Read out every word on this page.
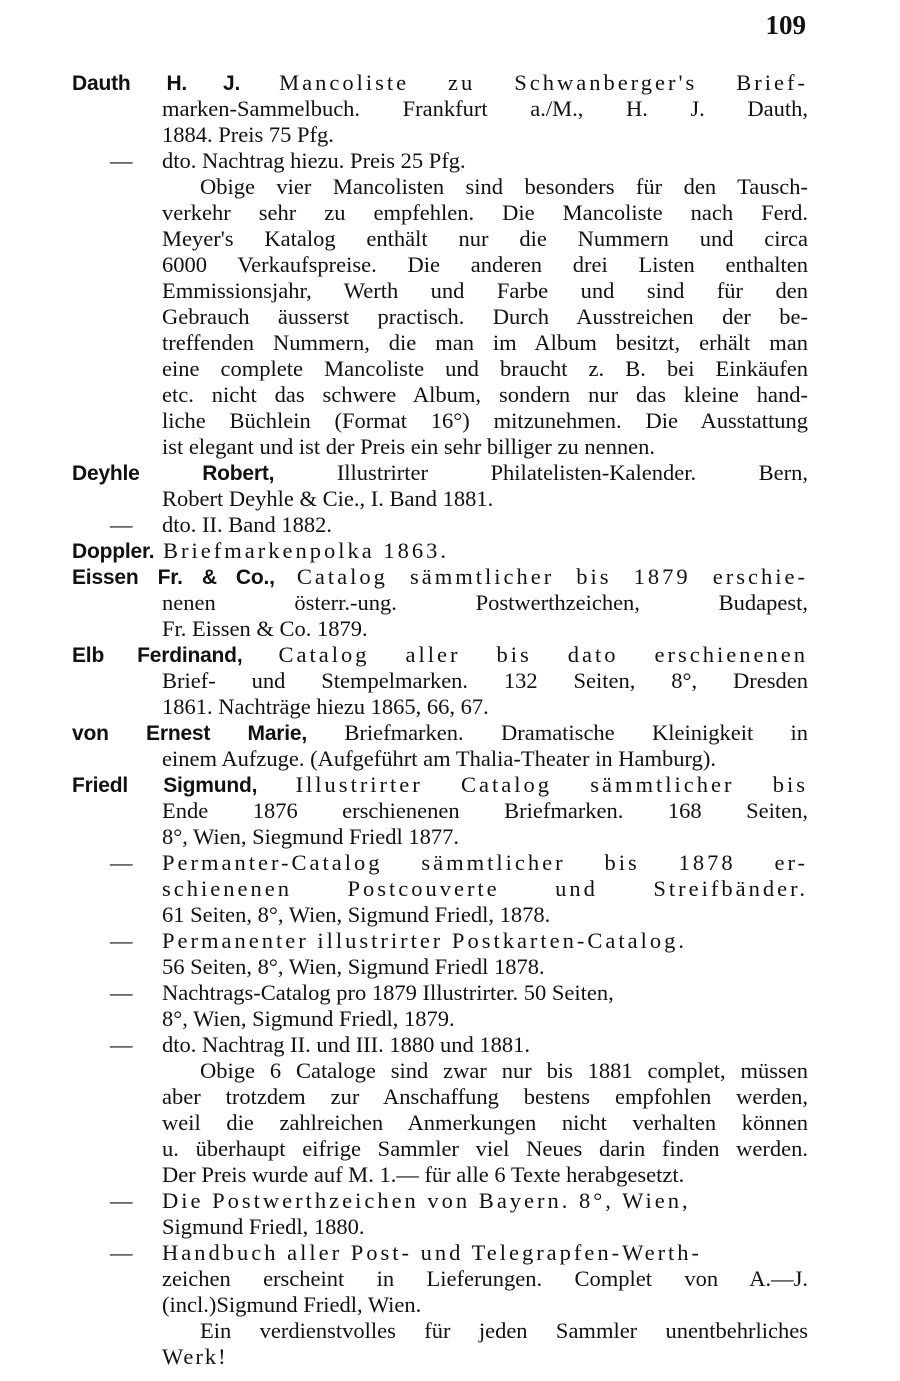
109
Dauth H. J. Mancoliste zu Schwanberger's Brief-
marken-Sammelbuch. Frankfurt a./M., H. J. Dauth,
1884. Preis 75 Pfg.
— dto. Nachtrag hiezu. Preis 25 Pfg.
Obige vier Mancolisten sind besonders für den Tausch-
verkehr sehr zu empfehlen. Die Mancoliste nach Ferd.
Meyer's Katalog enthält nur die Nummern und circa
6000 Verkaufspreise. Die anderen drei Listen enthalten
Emmissionsjahr, Werth und Farbe und sind für den
Gebrauch äusserst practisch. Durch Ausstreichen der be-
treffenden Nummern, die man im Album besitzt, erhält man
eine complete Mancoliste und braucht z. B. bei Einkäufen
etc. nicht das schwere Album, sondern nur das kleine hand-
liche Büchlein (Format 16°) mitzunehmen. Die Ausstattung
ist elegant und ist der Preis ein sehr billiger zu nennen.
Deyhle Robert, Illustrirter Philatelisten-Kalender. Bern,
Robert Deyhle & Cie., I. Band 1881.
— dto. II. Band 1882.
Doppler. Briefmarkenpolka 1863.
Eissen Fr. & Co., Catalog sämmtlicher bis 1879 erschie-
nenen österr.-ung. Postwerthzeichen, Budapest,
Fr. Eissen & Co. 1879.
Elb Ferdinand, Catalog aller bis dato erschienenen
Brief- und Stempelmarken. 132 Seiten, 8°, Dresden
1861. Nachträge hiezu 1865, 66, 67.
von Ernest Marie, Briefmarken. Dramatische Kleinigkeit in
einem Aufzuge. (Aufgeführt am Thalia-Theater in Hamburg).
Friedl Sigmund, Illustrirter Catalog sämmtlicher bis
Ende 1876 erschienenen Briefmarken. 168 Seiten,
8°, Wien, Siegmund Friedl 1877.
— Permanter-Catalog sämmtlicher bis 1878 er-
schienenen Postcouverte und Streifbänder.
61 Seiten, 8°, Wien, Sigmund Friedl, 1878.
— Permanenter illustrirter Postkarten-Catalog.
56 Seiten, 8°, Wien, Sigmund Friedl 1878.
— Nachtrags-Catalog pro 1879 Illustrirter. 50 Seiten,
8°, Wien, Sigmund Friedl, 1879.
— dto. Nachtrag II. und III. 1880 und 1881.
Obige 6 Cataloge sind zwar nur bis 1881 complet, müssen
aber trotzdem zur Anschaffung bestens empfohlen werden,
weil die zahlreichen Anmerkungen nicht verhalten können
u. überhaupt eifrige Sammler viel Neues darin finden werden.
Der Preis wurde auf M. 1.— für alle 6 Texte herabgesetzt.
— Die Postwerthzeichen von Bayern. 8°, Wien,
Sigmund Friedl, 1880.
— Handbuch aller Post- und Telegrapfen-Werth-
zeichen erscheint in Lieferungen. Complet von A.—J.
(incl.)Sigmund Friedl, Wien.
Ein verdienstvolles für jeden Sammler unentbehrliches
Werk!
